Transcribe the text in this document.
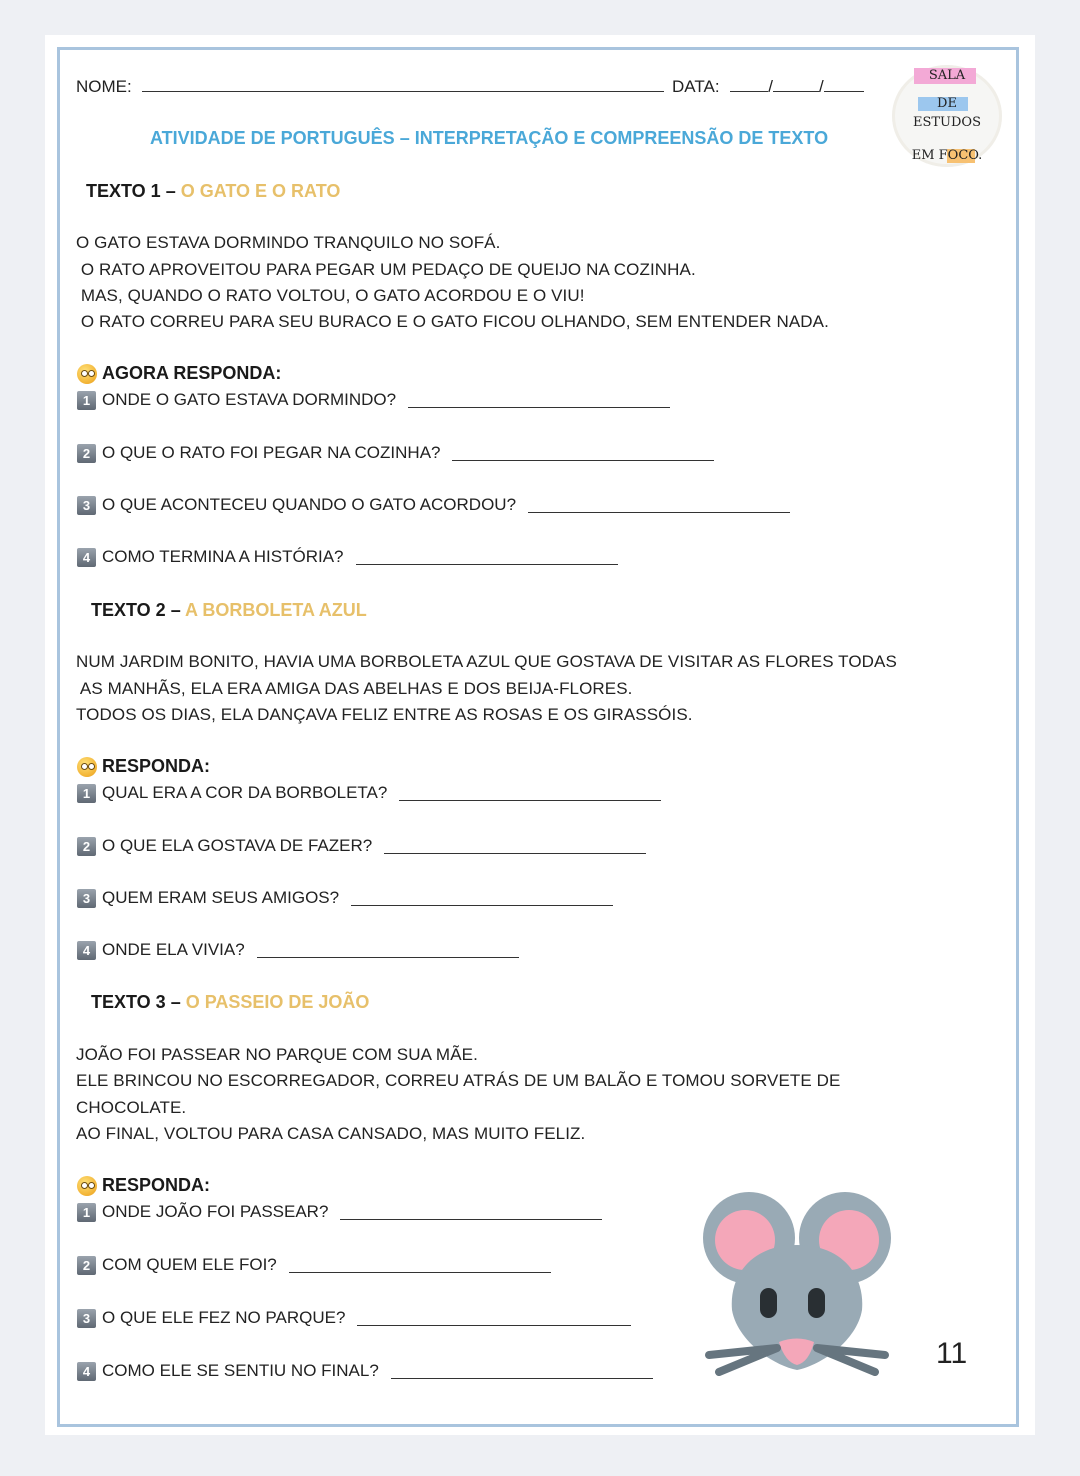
NOME:	DATA:	/	/
ATIVIDADE DE PORTUGUÊS – INTERPRETAÇÃO E COMPREENSÃO DE TEXTO
SALA
DE
ESTUDOS
EM FOCO.
TEXTO 1 – O GATO E O RATO
O GATO ESTAVA DORMINDO TRANQUILO NO SOFÁ.
O RATO APROVEITOU PARA PEGAR UM PEDAÇO DE QUEIJO NA COZINHA.
MAS, QUANDO O RATO VOLTOU, O GATO ACORDOU E O VIU!
O RATO CORREU PARA SEU BURACO E O GATO FICOU OLHANDO, SEM ENTENDER NADA.
AGORA RESPONDA:
1 ONDE O GATO ESTAVA DORMINDO?
2 O QUE O RATO FOI PEGAR NA COZINHA?
3 O QUE ACONTECEU QUANDO O GATO ACORDOU?
4 COMO TERMINA A HISTÓRIA?
TEXTO 2 – A BORBOLETA AZUL
NUM JARDIM BONITO, HAVIA UMA BORBOLETA AZUL QUE GOSTAVA DE VISITAR AS FLORES TODAS
AS MANHÃS, ELA ERA AMIGA DAS ABELHAS E DOS BEIJA-FLORES.
TODOS OS DIAS, ELA DANÇAVA FELIZ ENTRE AS ROSAS E OS GIRASSÓIS.
RESPONDA:
1 QUAL ERA A COR DA BORBOLETA?
2 O QUE ELA GOSTAVA DE FAZER?
3 QUEM ERAM SEUS AMIGOS?
4 ONDE ELA VIVIA?
TEXTO 3 – O PASSEIO DE JOÃO
JOÃO FOI PASSEAR NO PARQUE COM SUA MÃE.
ELE BRINCOU NO ESCORREGADOR, CORREU ATRÁS DE UM BALÃO E TOMOU SORVETE DE
CHOCOLATE.
AO FINAL, VOLTOU PARA CASA CANSADO, MAS MUITO FELIZ.
RESPONDA:
1 ONDE JOÃO FOI PASSEAR?
2 COM QUEM ELE FOI?
3 O QUE ELE FEZ NO PARQUE?
4 COMO ELE SE SENTIU NO FINAL?
11
